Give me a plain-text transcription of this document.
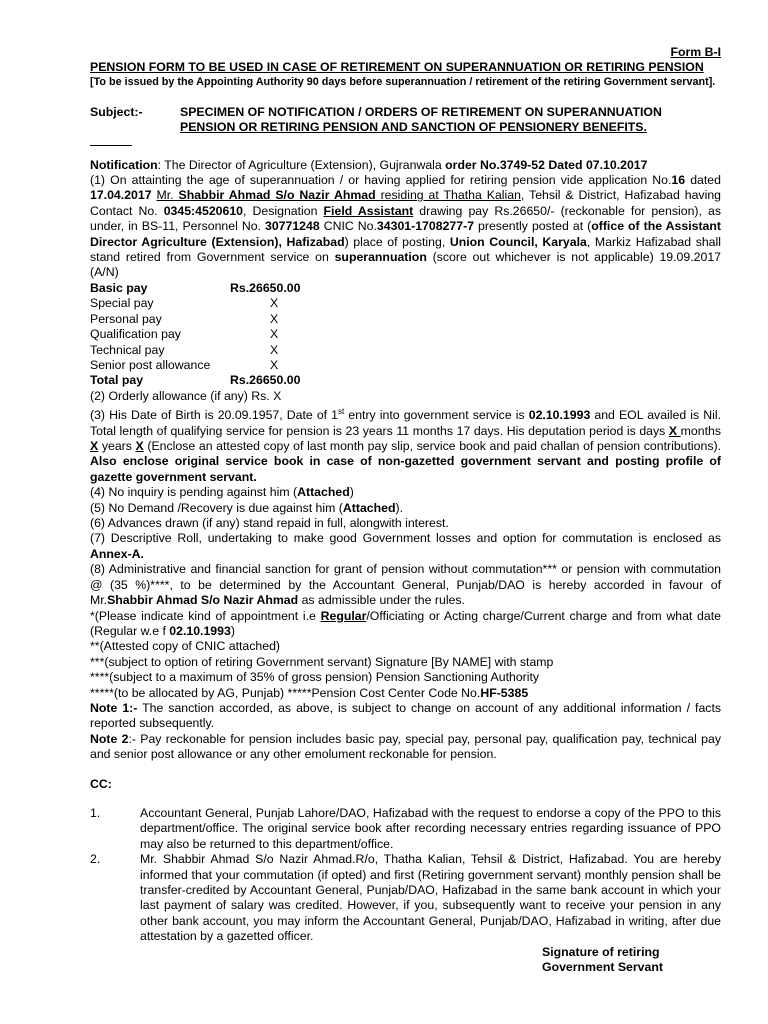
Form B-I
PENSION FORM TO BE USED IN CASE OF RETIREMENT ON SUPERANNUATION OR RETIRING PENSION
[To be issued by the Appointing Authority 90 days before superannuation / retirement of the retiring Government servant].
Subject:-	SPECIMEN OF NOTIFICATION / ORDERS OF RETIREMENT ON SUPERANNUATION
PENSION OR RETIRING PENSION AND SANCTION OF PENSIONERY BENEFITS.
Notification: The Director of Agriculture (Extension), Gujranwala order No.3749-52 Dated 07.10.2017
(1) On attainting the age of superannuation / or having applied for retiring pension vide application No.16 dated 17.04.2017 Mr. Shabbir Ahmad S/o Nazir Ahmad residing at Thatha Kalian, Tehsil & District, Hafizabad having Contact No. 0345:4520610, Designation Field Assistant drawing pay Rs.26650/- (reckonable for pension), as under, in BS-11, Personnel No. 30771248 CNIC No.34301-1708277-7 presently posted at (office of the Assistant Director Agriculture (Extension), Hafizabad) place of posting, Union Council, Karyala, Markiz Hafizabad shall stand retired from Government service on superannuation (score out whichever is not applicable) 19.09.2017 (A/N)
Basic pay	Rs.26650.00
Special pay	X
Personal pay	X
Qualification pay	X
Technical pay	X
Senior post allowance	X
Total pay	Rs.26650.00
(2) Orderly allowance (if any) Rs. X
(3) His Date of Birth is 20.09.1957, Date of 1st entry into government service is 02.10.1993 and EOL availed is Nil. Total length of qualifying service for pension is 23 years 11 months 17 days. His deputation period is days X months X years X (Enclose an attested copy of last month pay slip, service book and paid challan of pension contributions). Also enclose original service book in case of non-gazetted government servant and posting profile of gazette government servant.
(4) No inquiry is pending against him (Attached)
(5) No Demand /Recovery is due against him (Attached).
(6) Advances drawn (if any) stand repaid in full, alongwith interest.
(7) Descriptive Roll, undertaking to make good Government losses and option for commutation is enclosed as Annex-A.
(8) Administrative and financial sanction for grant of pension without commutation*** or pension with commutation @ (35 %)****, to be determined by the Accountant General, Punjab/DAO is hereby accorded in favour of Mr.Shabbir Ahmad S/o Nazir Ahmad as admissible under the rules.
*(Please indicate kind of appointment i.e Regular/Officiating or Acting charge/Current charge and from what date (Regular w.e f 02.10.1993)
**(Attested copy of CNIC attached)
***(subject to option of retiring Government servant) Signature [By NAME] with stamp
****(subject to a maximum of 35% of gross pension) Pension Sanctioning Authority
*****(to be allocated by AG, Punjab) *****Pension Cost Center Code No.HF-5385
Note 1:- The sanction accorded, as above, is subject to change on account of any additional information / facts reported subsequently.
Note 2:- Pay reckonable for pension includes basic pay, special pay, personal pay, qualification pay, technical pay and senior post allowance or any other emolument reckonable for pension.
CC:
1.	Accountant General, Punjab Lahore/DAO, Hafizabad with the request to endorse a copy of the PPO to this department/office. The original service book after recording necessary entries regarding issuance of PPO may also be returned to this department/office.
2.	Mr. Shabbir Ahmad S/o Nazir Ahmad.R/o, Thatha Kalian, Tehsil & District, Hafizabad. You are hereby informed that your commutation (if opted) and first (Retiring government servant) monthly pension shall be transfer-credited by Accountant General, Punjab/DAO, Hafizabad in the same bank account in which your last payment of salary was credited. However, if you, subsequently want to receive your pension in any other bank account, you may inform the Accountant General, Punjab/DAO, Hafizabad in writing, after due attestation by a gazetted officer.
Signature of retiring
Government Servant
